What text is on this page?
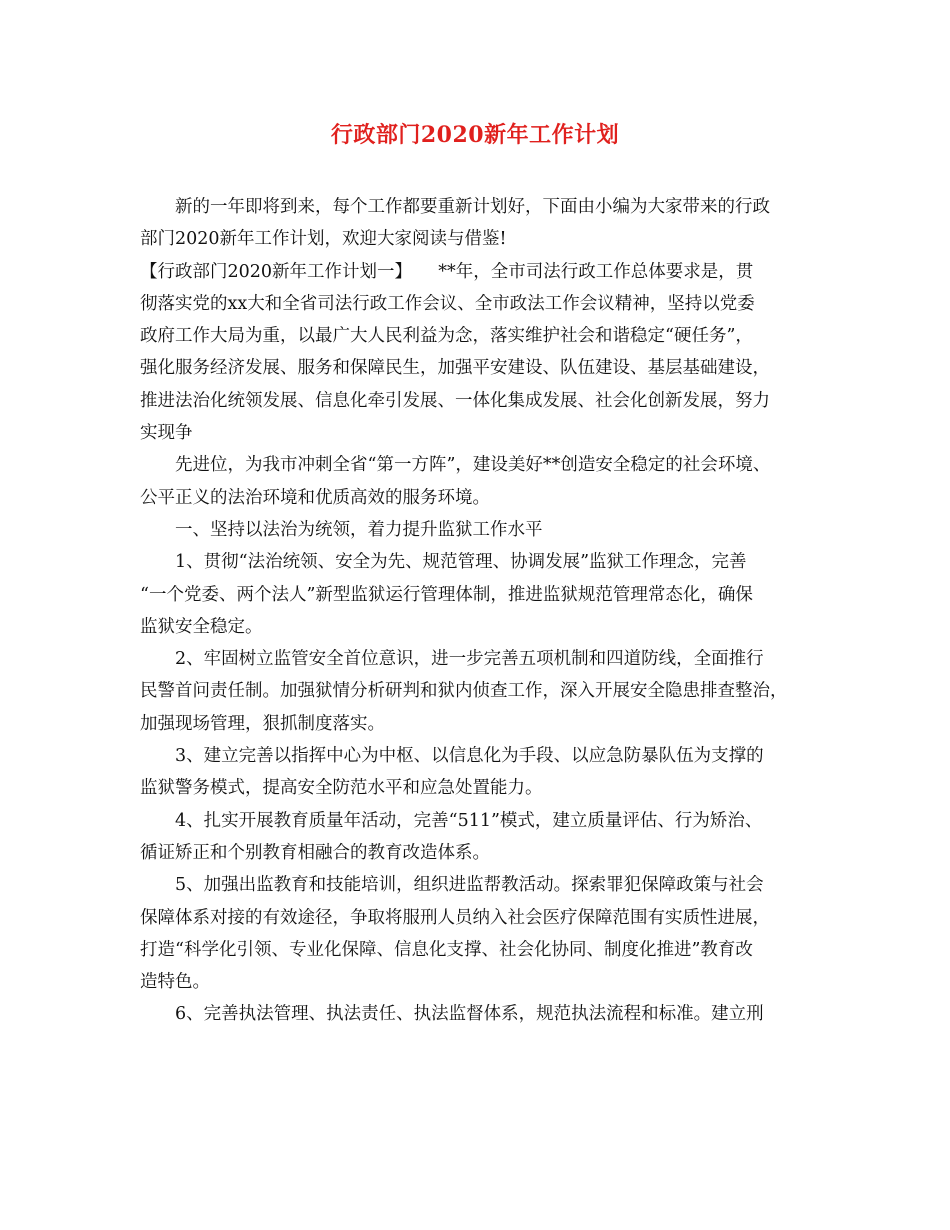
行政部门2020新年工作计划
新的一年即将到来，每个工作都要重新计划好，下面由小编为大家带来的行政
部门2020新年工作计划，欢迎大家阅读与借鉴!
【行政部门2020新年工作计划一】　　**年，全市司法行政工作总体要求是，贯
彻落实党的xx大和全省司法行政工作会议、全市政法工作会议精神，坚持以党委
政府工作大局为重，以最广大人民利益为念，落实维护社会和谐稳定“硬任务”，
强化服务经济发展、服务和保障民生，加强平安建设、队伍建设、基层基础建设，
推进法治化统领发展、信息化牵引发展、一体化集成发展、社会化创新发展，努力
实现争
先进位，为我市冲刺全省“第一方阵”，建设美好**创造安全稳定的社会环境、
公平正义的法治环境和优质高效的服务环境。
一、坚持以法治为统领，着力提升监狱工作水平
1、贯彻“法治统领、安全为先、规范管理、协调发展”监狱工作理念，完善
“一个党委、两个法人”新型监狱运行管理体制，推进监狱规范管理常态化，确保
监狱安全稳定。
2、牢固树立监管安全首位意识，进一步完善五项机制和四道防线，全面推行
民警首问责任制。加强狱情分析研判和狱内侦查工作，深入开展安全隐患排查整治，
加强现场管理，狠抓制度落实。
3、建立完善以指挥中心为中枢、以信息化为手段、以应急防暴队伍为支撑的
监狱警务模式，提高安全防范水平和应急处置能力。
4、扎实开展教育质量年活动，完善“511”模式，建立质量评估、行为矫治、
循证矫正和个别教育相融合的教育改造体系。
5、加强出监教育和技能培训，组织进监帮教活动。探索罪犯保障政策与社会
保障体系对接的有效途径，争取将服刑人员纳入社会医疗保障范围有实质性进展，
打造“科学化引领、专业化保障、信息化支撑、社会化协同、制度化推进”教育改
造特色。
6、完善执法管理、执法责任、执法监督体系，规范执法流程和标准。建立刑
